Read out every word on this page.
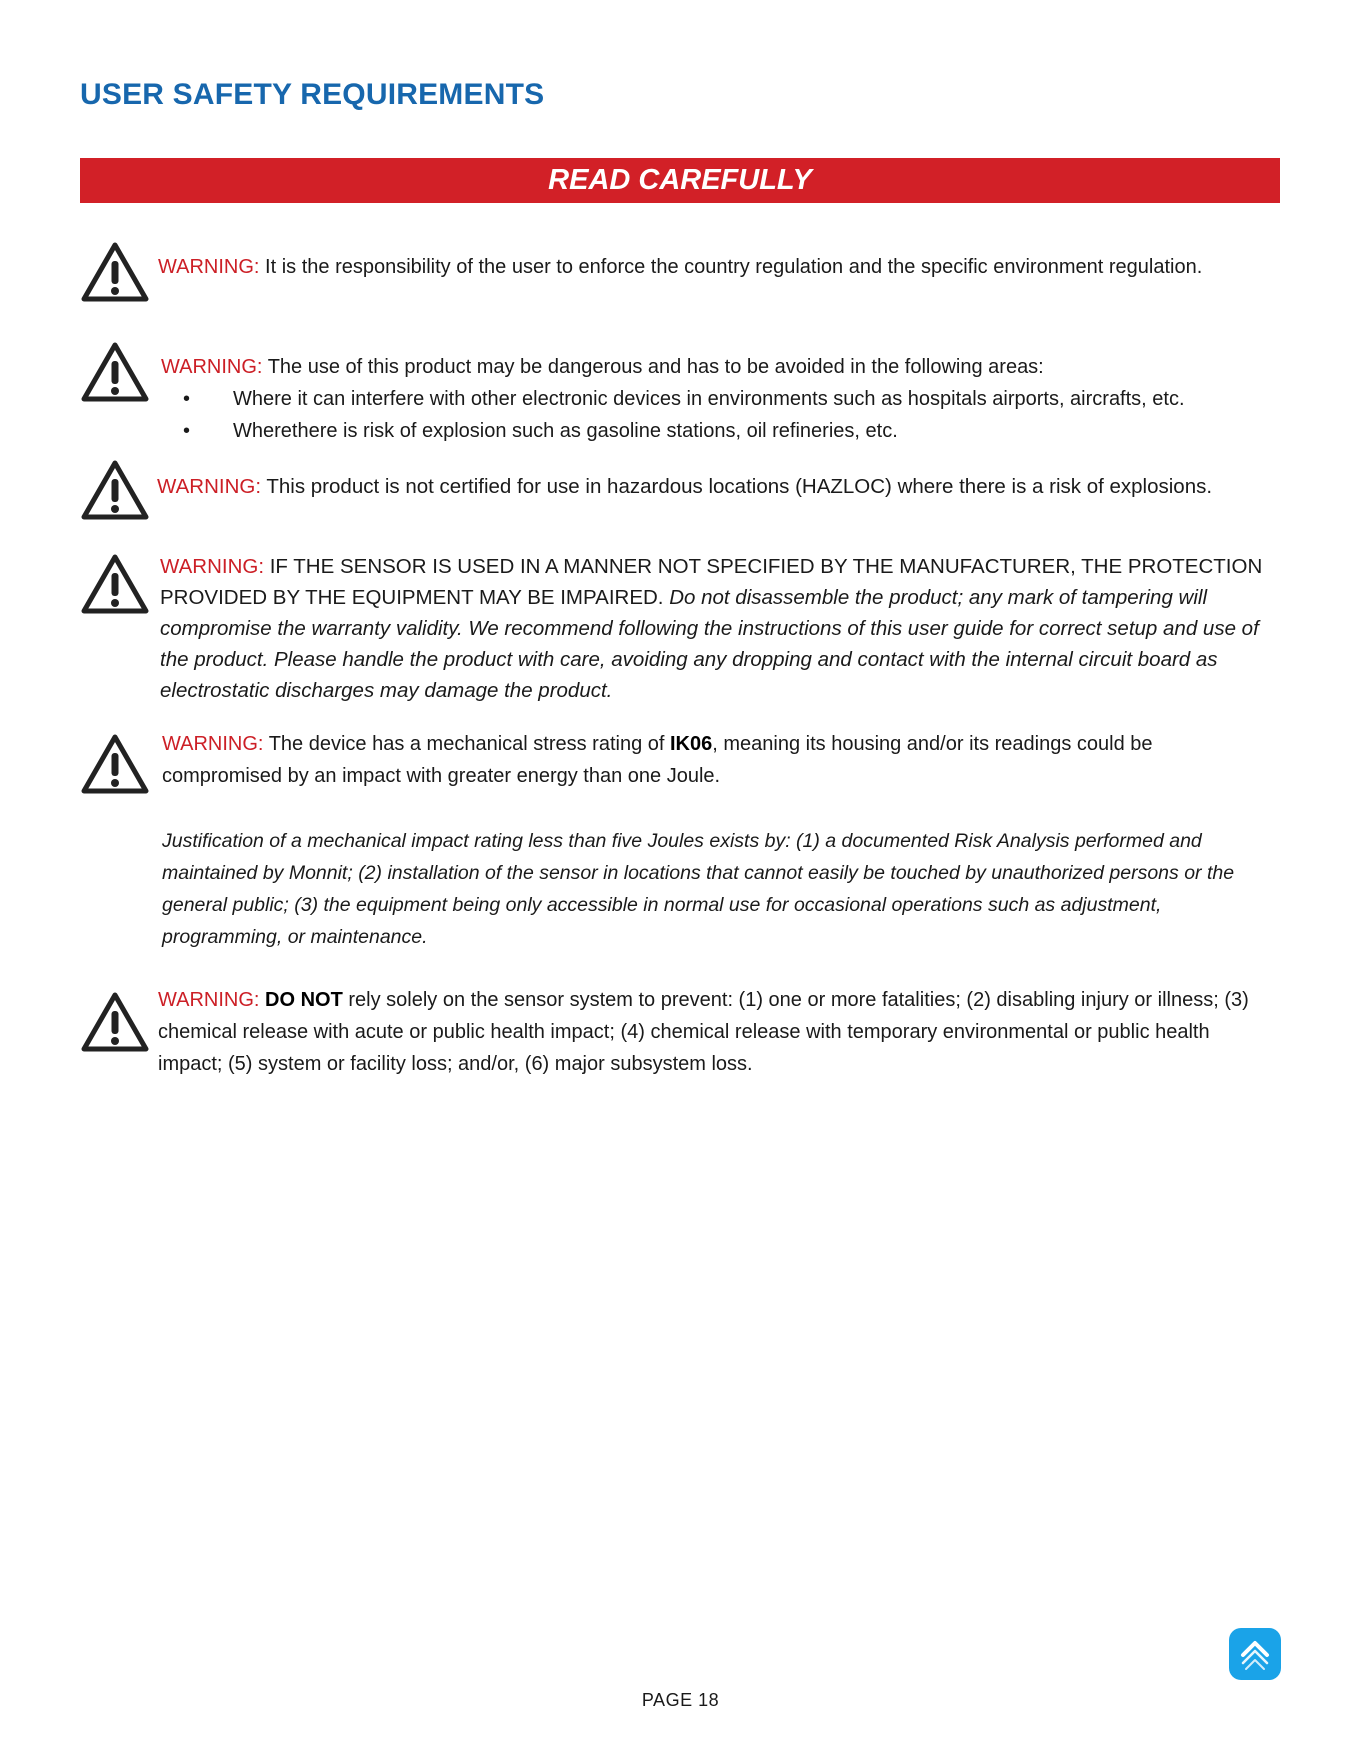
USER SAFETY REQUIREMENTS
READ CAREFULLY
WARNING: It is the responsibility of the user to enforce the country regulation and the specific environment regulation.
WARNING: The use of this product may be dangerous and has to be avoided in the following areas:
• Where it can interfere with other electronic devices in environments such as hospitals airports, aircrafts, etc.
• Wherethere is risk of explosion such as gasoline stations, oil refineries, etc.
WARNING: This product is not certified for use in hazardous locations (HAZLOC) where there is a risk of explosions.
WARNING: IF THE SENSOR IS USED IN A MANNER NOT SPECIFIED BY THE MANUFACTURER, THE PROTECTION PROVIDED BY THE EQUIPMENT MAY BE IMPAIRED. Do not disassemble the product; any mark of tampering will compromise the warranty validity. We recommend following the instructions of this user guide for correct setup and use of the product. Please handle the product with care, avoiding any dropping and contact with the internal circuit board as electrostatic discharges may damage the product.
WARNING: The device has a mechanical stress rating of IK06, meaning its housing and/or its readings could be compromised by an impact with greater energy than one Joule.
Justification of a mechanical impact rating less than five Joules exists by: (1) a documented Risk Analysis performed and maintained by Monnit; (2) installation of the sensor in locations that cannot easily be touched by unauthorized persons or the general public; (3) the equipment being only accessible in normal use for occasional operations such as adjustment, programming, or maintenance.
WARNING: DO NOT rely solely on the sensor system to prevent: (1) one or more fatalities; (2) disabling injury or illness; (3) chemical release with acute or public health impact; (4) chemical release with temporary environmental or public health impact; (5) system or facility loss; and/or, (6) major subsystem loss.
PAGE 18
